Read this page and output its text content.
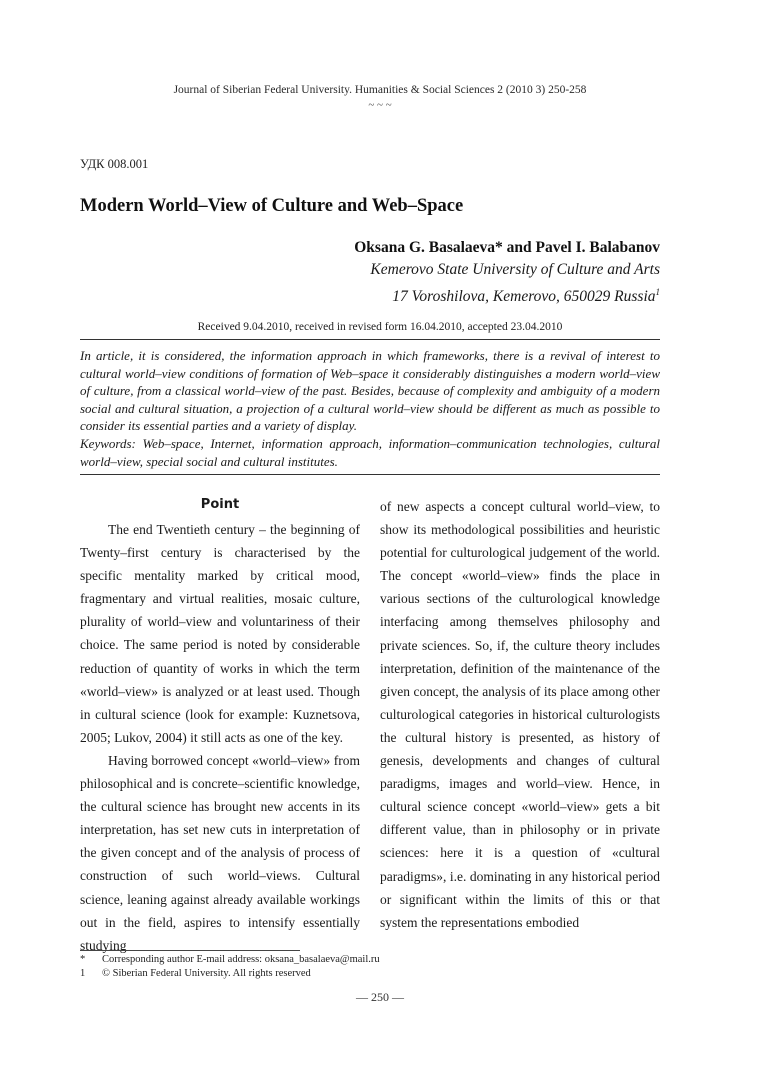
Journal of Siberian Federal University. Humanities & Social Sciences 2 (2010 3) 250-258
~ ~ ~
УДК 008.001
Modern World–View of Culture and Web–Space
Oksana G. Basalaeva* and Pavel I. Balabanov
Kemerovo State University of Culture and Arts
17 Voroshilova, Kemerovo, 650029 Russia$^1$
Received 9.04.2010, received in revised form 16.04.2010, accepted 23.04.2010
In article, it is considered, the information approach in which frameworks, there is a revival of interest to cultural world–view conditions of formation of Web–space it considerably distinguishes a modern world–view of culture, from a classical world–view of the past. Besides, because of complexity and ambiguity of a modern social and cultural situation, a projection of a cultural world–view should be different as much as possible to consider its essential parties and a variety of display.
Keywords: Web–space, Internet, information approach, information–communication technologies, cultural world–view, special social and cultural institutes.
Point

The end Twentieth century – the beginning of Twenty–first century is characterised by the specific mentality marked by critical mood, fragmentary and virtual realities, mosaic culture, plurality of world–view and voluntariness of their choice. The same period is noted by considerable reduction of quantity of works in which the term «world–view» is analyzed or at least used. Though in cultural science (look for example: Kuznetsova, 2005; Lukov, 2004) it still acts as one of the key.

Having borrowed concept «world–view» from philosophical and is concrete–scientific knowledge, the cultural science has brought new accents in its interpretation, has set new cuts in interpretation of the given concept and of the analysis of process of construction of such world–views. Cultural science, leaning against already available workings out in the field, aspires to intensify essentially studying

of new aspects a concept cultural world–view, to show its methodological possibilities and heuristic potential for culturological judgement of the world. The concept «world–view» finds the place in various sections of the culturological knowledge interfacing among themselves philosophy and private sciences. So, if, the culture theory includes interpretation, definition of the maintenance of the given concept, the analysis of its place among other culturological categories in historical culturologists the cultural history is presented, as history of genesis, developments and changes of cultural paradigms, images and world–view. Hence, in cultural science concept «world–view» gets a bit different value, than in philosophy or in private sciences: here it is a question of «cultural paradigms», i.e. dominating in any historical period or significant within the limits of this or that system the representations embodied

*	Corresponding author E-mail address: oksana_basalaeva@mail.ru
1	© Siberian Federal University. All rights reserved
— 250 —
